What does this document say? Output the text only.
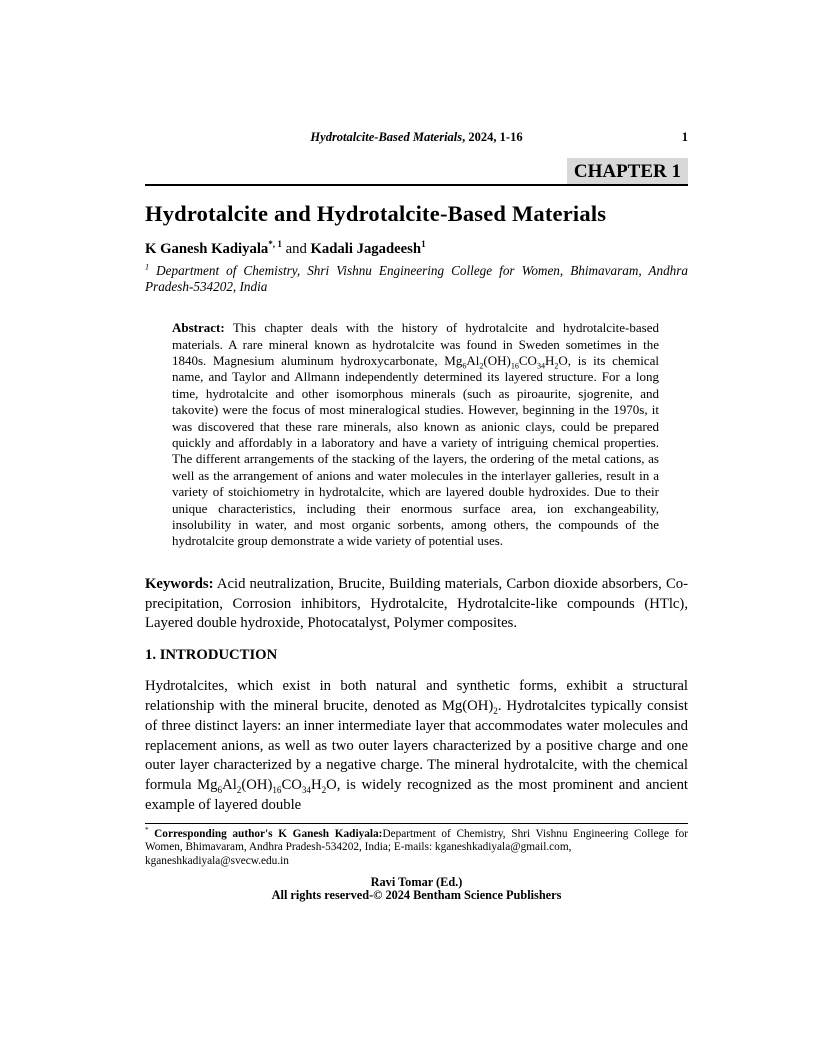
Hydrotalcite-Based Materials, 2024, 1-16	1
CHAPTER 1
Hydrotalcite and Hydrotalcite-Based Materials

K Ganesh Kadiyala$^{*, 1}$ and Kadali Jagadeesh$^1$

$^1$ Department of Chemistry, Shri Vishnu Engineering College for Women, Bhimavaram, Andhra Pradesh-534202, India

Abstract: This chapter deals with the history of hydrotalcite and hydrotalcite-based materials. A rare mineral known as hydrotalcite was found in Sweden sometimes in the 1840s. Magnesium aluminum hydroxycarbonate, $Mg_6Al_2(OH)_{16}CO_{34}H_2O$, is its chemical name, and Taylor and Allmann independently determined its layered structure. For a long time, hydrotalcite and other isomorphous minerals (such as piroaurite, sjogrenite, and takovite) were the focus of most mineralogical studies. However, beginning in the 1970s, it was discovered that these rare minerals, also known as anionic clays, could be prepared quickly and affordably in a laboratory and have a variety of intriguing chemical properties. The different arrangements of the stacking of the layers, the ordering of the metal cations, as well as the arrangement of anions and water molecules in the interlayer galleries, result in a variety of stoichiometry in hydrotalcite, which are layered double hydroxides. Due to their unique characteristics, including their enormous surface area, ion exchangeability, insolubility in water, and most organic sorbents, among others, the compounds of the hydrotalcite group demonstrate a wide variety of potential uses.

Keywords: Acid neutralization, Brucite, Building materials, Carbon dioxide absorbers, Co-precipitation, Corrosion inhibitors, Hydrotalcite, Hydrotalcite-like compounds (HTlc), Layered double hydroxide, Photocatalyst, Polymer composites.

1. INTRODUCTION

Hydrotalcites, which exist in both natural and synthetic forms, exhibit a structural relationship with the mineral brucite, denoted as $Mg(OH)_2$. Hydrotalcites typically consist of three distinct layers: an inner intermediate layer that accommodates water molecules and replacement anions, as well as two outer layers characterized by a positive charge and one outer layer characterized by a negative charge. The mineral hydrotalcite, with the chemical formula $Mg_6Al_2(OH)_{16}CO_{34}H_2O$, is widely recognized as the most prominent and ancient example of layered double

* Corresponding author's K Ganesh Kadiyala:Department of Chemistry, Shri Vishnu Engineering College for Women, Bhimavaram, Andhra Pradesh-534202, India; E-mails: kganeshkadiyala@gmail.com,
kganeshkadiyala@svecw.edu.in
Ravi Tomar (Ed.)
All rights reserved-© 2024 Bentham Science Publishers
